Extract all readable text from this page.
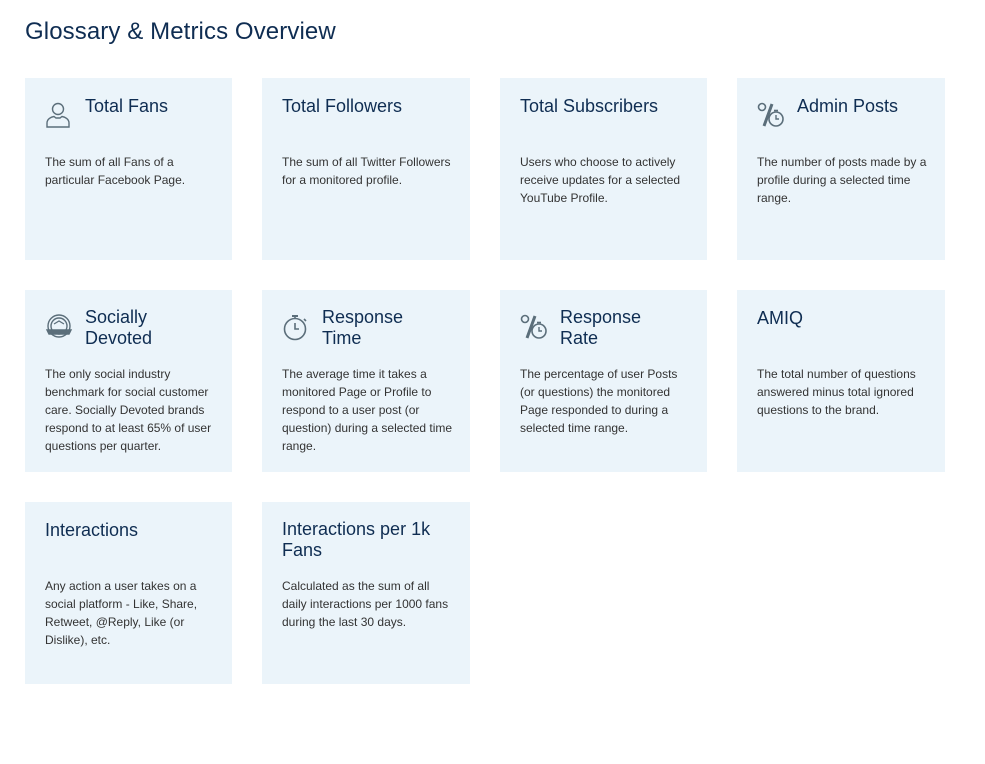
Glossary & Metrics Overview
Total Fans

The sum of all Fans of a particular Facebook Page.

Total Followers

The sum of all Twitter Followers for a monitored profile.

Total Subscribers

Users who choose to actively receive updates for a selected YouTube Profile.

Admin Posts

The number of posts made by a profile during a selected time range.

Socially Devoted

The only social industry benchmark for social customer care. Socially Devoted brands respond to at least 65% of user questions per quarter.

Response Time

The average time it takes a monitored Page or Profile to respond to a user post (or question) during a selected time range.

Response Rate

The percentage of user Posts (or questions) the monitored Page responded to during a selected time range.

AMIQ

The total number of questions answered minus total ignored questions to the brand.

Interactions

Any action a user takes on a social platform - Like, Share, Retweet, @Reply, Like (or Dislike), etc.

Interactions per 1k Fans

Calculated as the sum of all daily interactions per 1000 fans during the last 30 days.
